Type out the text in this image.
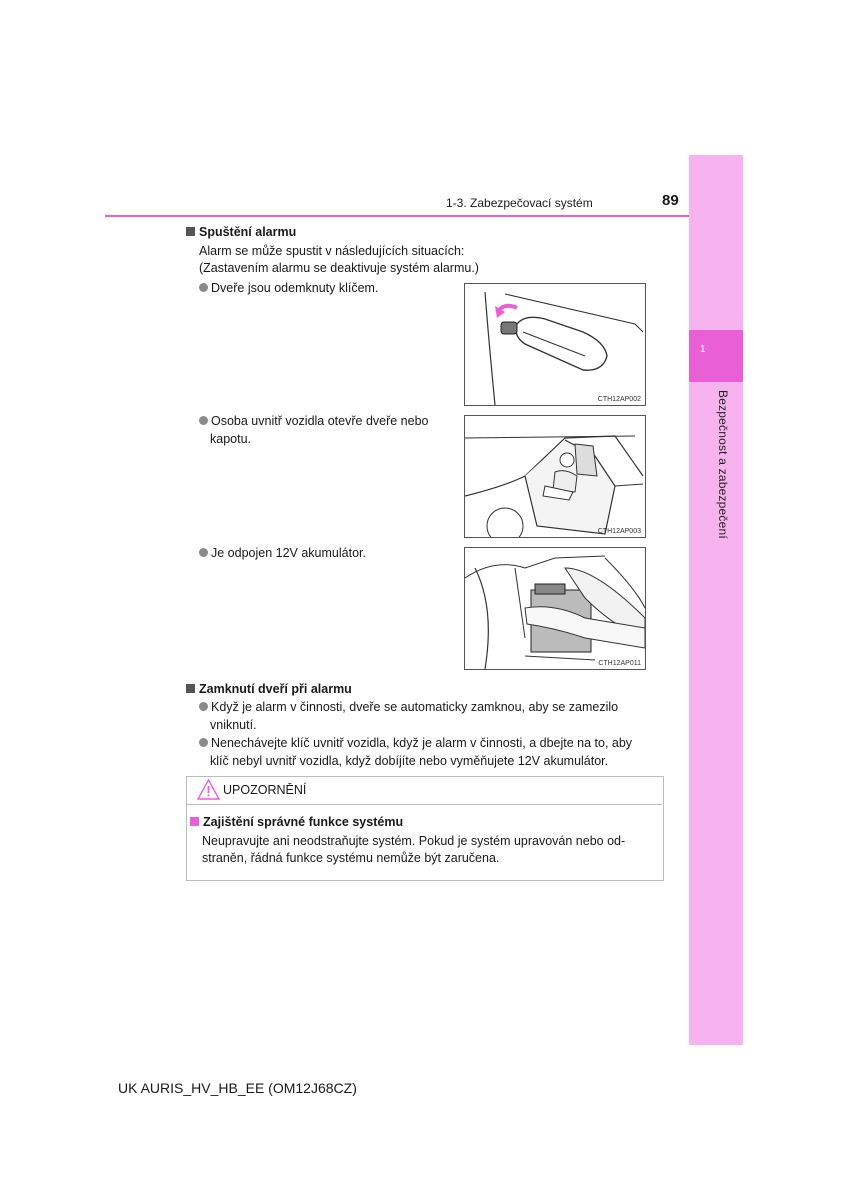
1
Bezpečnost a zabezpečení
1-3. Zabezpečovací systém	89
Spuštění alarmu
Alarm se může spustit v následujících situacích:
(Zastavením alarmu se deaktivuje systém alarmu.)
Dveře jsou odemknuty klíčem.
Osoba uvnitř vozidla otevře dveře nebo
kapotu.
Je odpojen 12V akumulátor.
CTH12AP002
CTH12AP003
CTH12AP011
Zamknutí dveří při alarmu
Když je alarm v činnosti, dveře se automaticky zamknou, aby se zamezilo
vniknutí.
Nenechávejte klíč uvnitř vozidla, když je alarm v činnosti, a dbejte na to, aby
klíč nebyl uvnitř vozidla, když dobíjíte nebo vyměňujete 12V akumulátor.
UPOZORNĚNÍ
Zajištění správné funkce systému
Neupravujte ani neodstraňujte systém. Pokud je systém upravován nebo od-
straněn, řádná funkce systému nemůže být zaručena.
UK AURIS_HV_HB_EE (OM12J68CZ)
